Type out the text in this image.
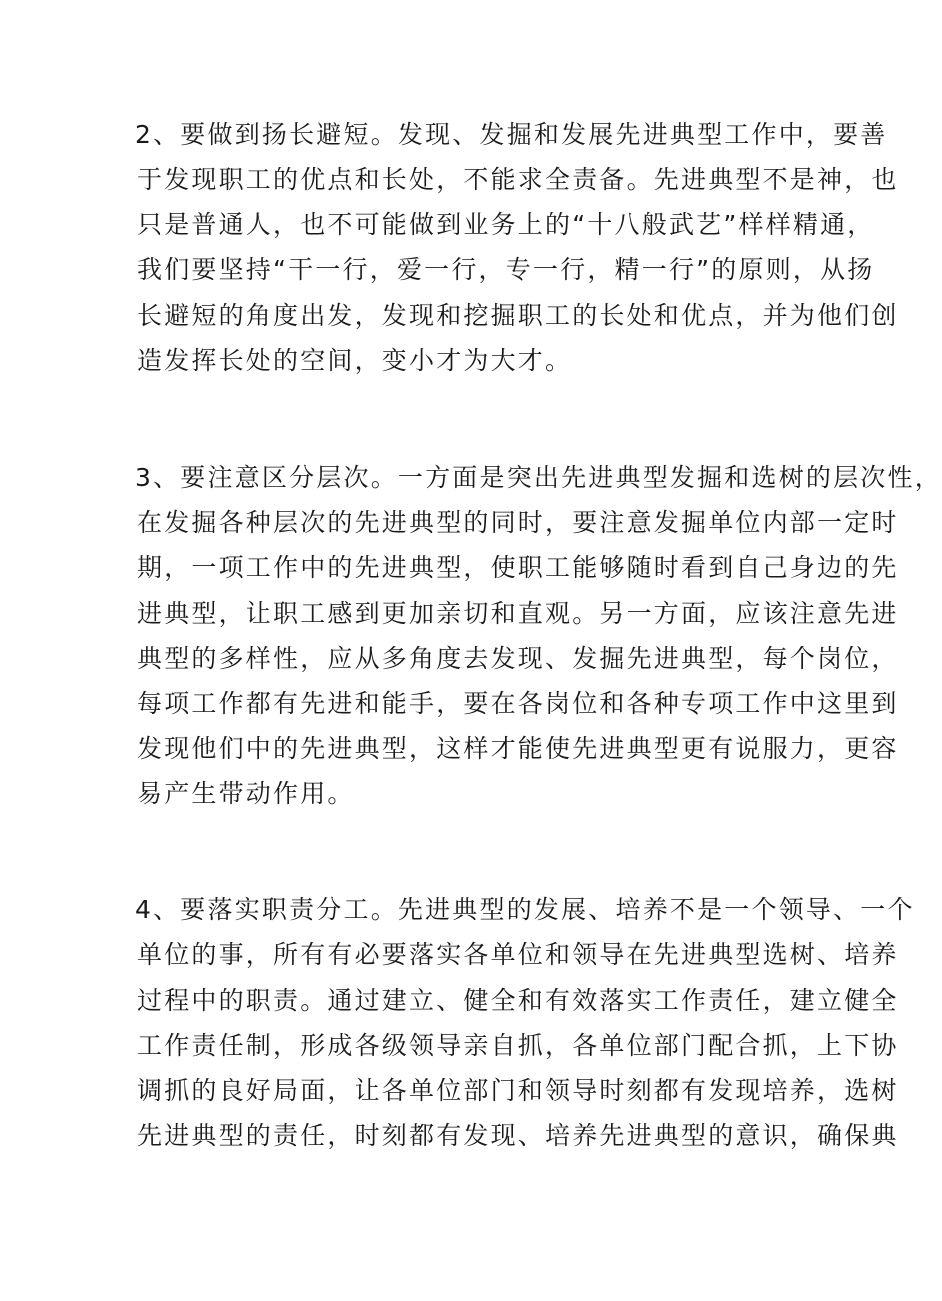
2、要做到扬长避短。发现、发掘和发展先进典型工作中，要善
于发现职工的优点和长处，不能求全责备。先进典型不是神，也
只是普通人，也不可能做到业务上的“十八般武艺”样样精通，
我们要坚持“干一行，爱一行，专一行，精一行”的原则，从扬
长避短的角度出发，发现和挖掘职工的长处和优点，并为他们创
造发挥长处的空间，变小才为大才。
3、要注意区分层次。一方面是突出先进典型发掘和选树的层次性，
在发掘各种层次的先进典型的同时，要注意发掘单位内部一定时
期，一项工作中的先进典型，使职工能够随时看到自己身边的先
进典型，让职工感到更加亲切和直观。另一方面，应该注意先进
典型的多样性，应从多角度去发现、发掘先进典型，每个岗位，
每项工作都有先进和能手，要在各岗位和各种专项工作中这里到
发现他们中的先进典型，这样才能使先进典型更有说服力，更容
易产生带动作用。
4、要落实职责分工。先进典型的发展、培养不是一个领导、一个
单位的事，所有有必要落实各单位和领导在先进典型选树、培养
过程中的职责。通过建立、健全和有效落实工作责任，建立健全
工作责任制，形成各级领导亲自抓，各单位部门配合抓，上下协
调抓的良好局面，让各单位部门和领导时刻都有发现培养，选树
先进典型的责任，时刻都有发现、培养先进典型的意识，确保典
